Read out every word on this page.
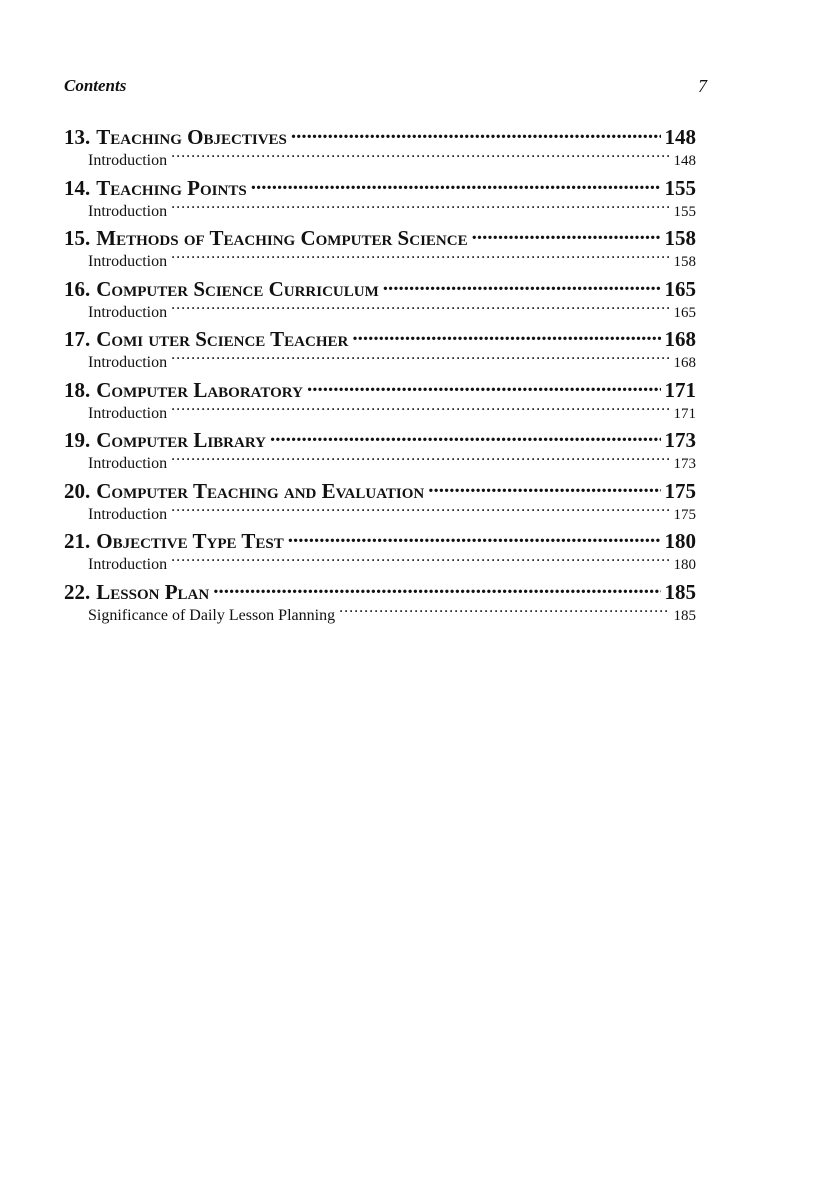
Contents	7
13. Teaching Objectives .....	148
Introduction .....	148
14. Teaching Points .....	155
Introduction .....	155
15. Methods of Teaching Computer Science .....	158
Introduction .....	158
16. Computer Science Curriculum .....	165
Introduction .....	165
17. Comi uter Science Teacher .....	168
Introduction .....	168
18. Computer Laboratory .....	171
Introduction .....	171
19. Computer Library .....	173
Introduction .....	173
20. Computer Teaching and Evaluation .....	175
Introduction .....	175
21. Objective Type Test .....	180
Introduction .....	180
22. Lesson Plan .....	185
Significance of Daily Lesson Planning .....	185
